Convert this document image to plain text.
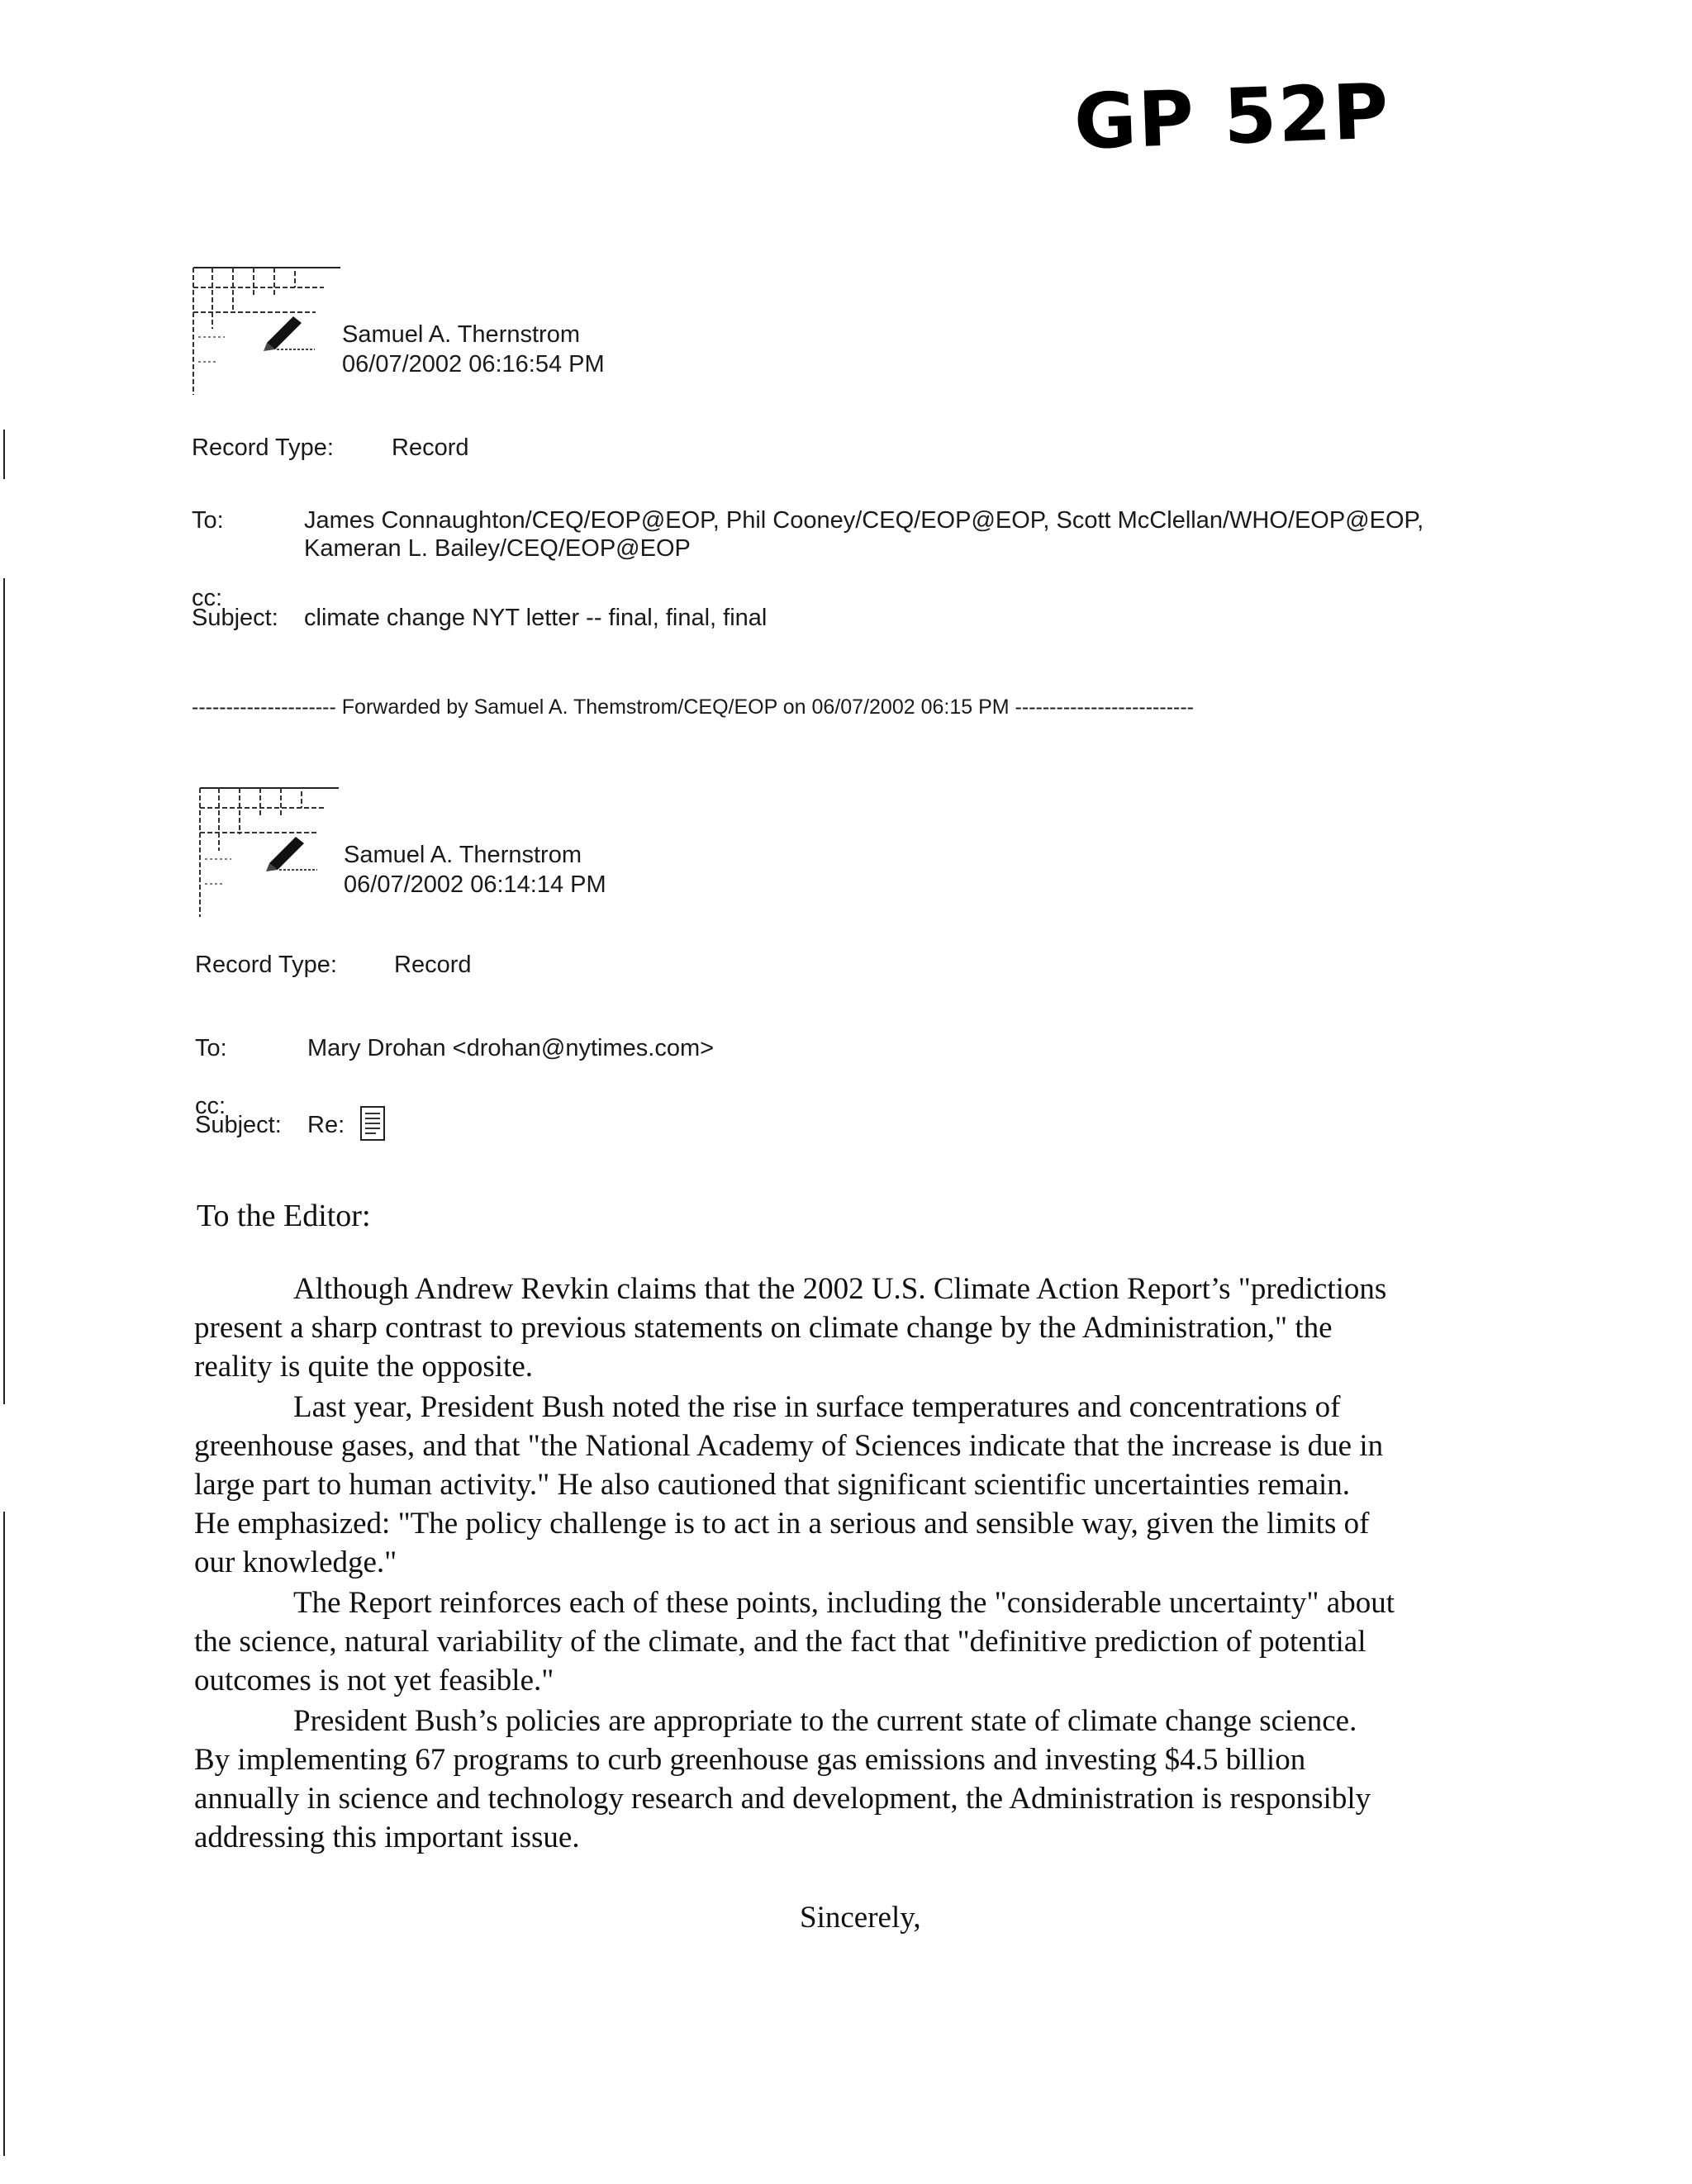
GP 52P
Samuel A. Thernstrom
06/07/2002 06:16:54 PM
Record Type: Record
To:	James Connaughton/CEQ/EOP@EOP, Phil Cooney/CEQ/EOP@EOP, Scott McClellan/WHO/EOP@EOP,
Kameran L. Bailey/CEQ/EOP@EOP
cc:
Subject: climate change NYT letter -- final, final, final
--------------------- Forwarded by Samuel A. Themstrom/CEQ/EOP on 06/07/2002 06:15 PM --------------------------
Samuel A. Thernstrom
06/07/2002 06:14:14 PM
Record Type: Record
To:	Mary Drohan <drohan@nytimes.com>
cc:
Subject: Re:
To the Editor:
Although Andrew Revkin claims that the 2002 U.S. Climate Action Report’s "predictions
present a sharp contrast to previous statements on climate change by the Administration," the
reality is quite the opposite.
Last year, President Bush noted the rise in surface temperatures and concentrations of
greenhouse gases, and that "the National Academy of Sciences indicate that the increase is due in
large part to human activity." He also cautioned that significant scientific uncertainties remain.
He emphasized: "The policy challenge is to act in a serious and sensible way, given the limits of
our knowledge."
The Report reinforces each of these points, including the "considerable uncertainty" about
the science, natural variability of the climate, and the fact that "definitive prediction of potential
outcomes is not yet feasible."
President Bush’s policies are appropriate to the current state of climate change science.
By implementing 67 programs to curb greenhouse gas emissions and investing $4.5 billion
annually in science and technology research and development, the Administration is responsibly
addressing this important issue.
Sincerely,
